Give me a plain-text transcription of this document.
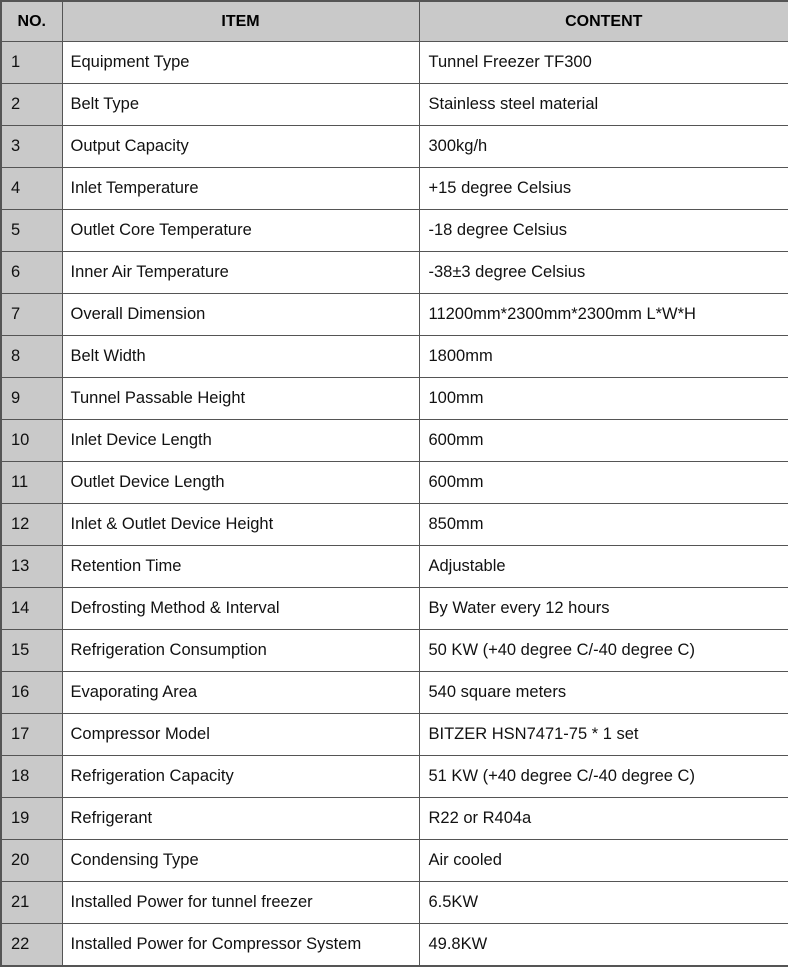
NO.	ITEM	CONTENT
1	Equipment Type	Tunnel Freezer TF300
2	Belt Type	Stainless steel material
3	Output Capacity	300kg/h
4	Inlet Temperature	+15 degree Celsius
5	Outlet Core Temperature	-18 degree Celsius
6	Inner Air Temperature	-38±3 degree Celsius
7	Overall Dimension	11200mm*2300mm*2300mm L*W*H
8	Belt Width	1800mm
9	Tunnel Passable Height	100mm
10	Inlet Device Length	600mm
11	Outlet Device Length	600mm
12	Inlet & Outlet Device Height	850mm
13	Retention Time	Adjustable
14	Defrosting Method & Interval	By Water every 12 hours
15	Refrigeration Consumption	50 KW (+40 degree C/-40 degree C)
16	Evaporating Area	540 square meters
17	Compressor Model	BITZER HSN7471-75 * 1 set
18	Refrigeration Capacity	51 KW (+40 degree C/-40 degree C)
19	Refrigerant	R22 or R404a
20	Condensing Type	Air cooled
21	Installed Power for tunnel freezer	6.5KW
22	Installed Power for Compressor System	49.8KW
